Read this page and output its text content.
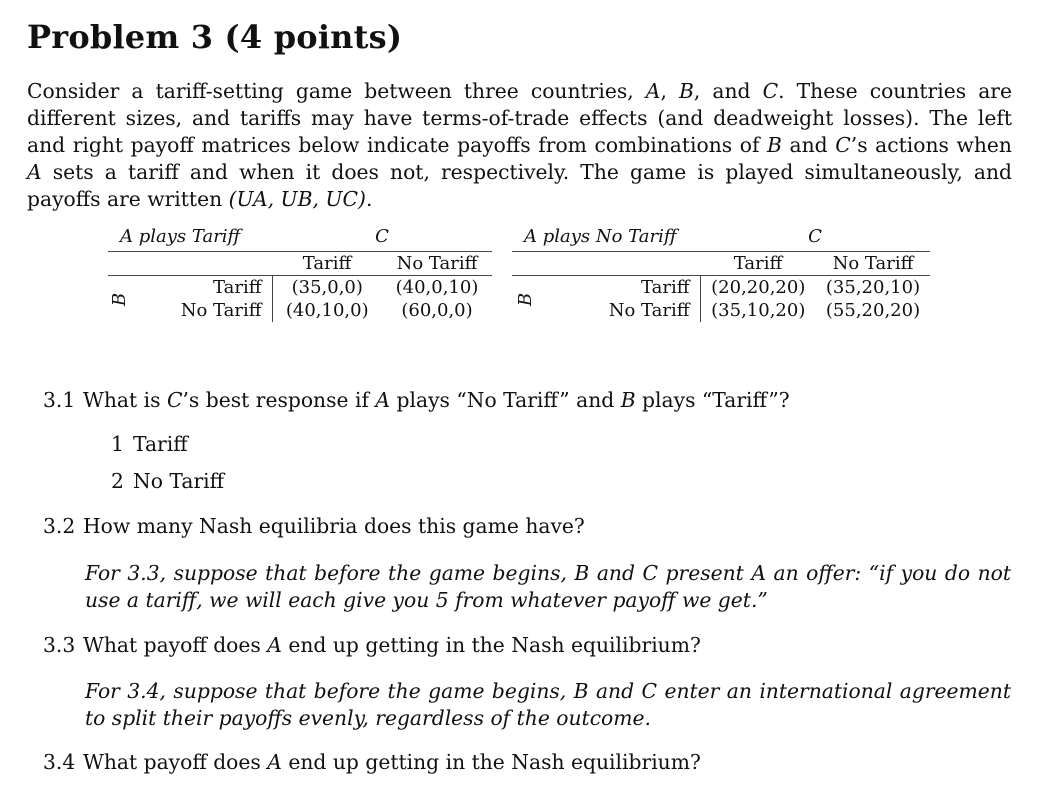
Problem 3 (4 points)

Consider a tariff-setting game between three countries, A, B, and C. These countries are different sizes, and tariffs may have terms-of-trade effects (and deadweight losses). The left and right payoff matrices below indicate payoffs from combinations of B and C’s actions when A sets a tariff and when it does not, respectively. The game is played simultaneously, and payoffs are written (UA, UB, UC).

A plays Tariff		C	
		Tariff	No Tariff
B	Tariff	(35,0,0)	(40,0,10)
	No Tariff	(40,10,0)	(60,0,0)
A plays No Tariff		C	
		Tariff	No Tariff
B	Tariff	(20,20,20)	(35,20,10)
	No Tariff	(35,10,20)	(55,20,20)

3.1 What is C’s best response if A plays “No Tariff” and B plays “Tariff”?

1 Tariff

2 No Tariff

3.2 How many Nash equilibria does this game have?

For 3.3, suppose that before the game begins, B and C present A an offer: “if you do not use a tariff, we will each give you 5 from whatever payoff we get.”

3.3 What payoff does A end up getting in the Nash equilibrium?

For 3.4, suppose that before the game begins, B and C enter an international agreement to split their payoffs evenly, regardless of the outcome.

3.4 What payoff does A end up getting in the Nash equilibrium?
